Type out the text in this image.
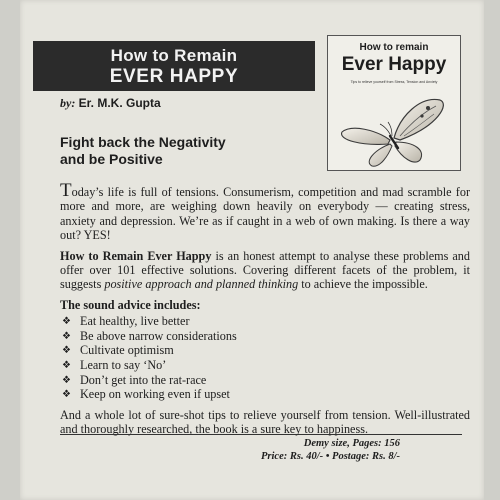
How to Remain
EVER HAPPY
by: Er. M.K. Gupta
Fight back the Negativity
and be Positive
How to remain
Ever Happy
Tips to relieve yourself from Stress, Tension and Anxiety

Today’s life is full of tensions. Consumerism, competition and mad scramble for more and more, are weighing down heavily on everybody — creating stress, anxiety and depression. We’re as if caught in a web of own making. Is there a way out? YES!

How to Remain Ever Happy is an honest attempt to analyse these problems and offer over 101 effective solutions. Covering different facets of the problem, it suggests positive approach and planned thinking to achieve the impossible.

The sound advice includes:
❖ Eat healthy, live better
❖ Be above narrow considerations
❖ Cultivate optimism
❖ Learn to say ‘No’
❖ Don’t get into the rat-race
❖ Keep on working even if upset

And a whole lot of sure-shot tips to relieve yourself from tension. Well-illustrated and thoroughly researched, the book is a sure key to happiness.

Demy size, Pages: 156
Price: Rs. 40/- • Postage: Rs. 8/-
